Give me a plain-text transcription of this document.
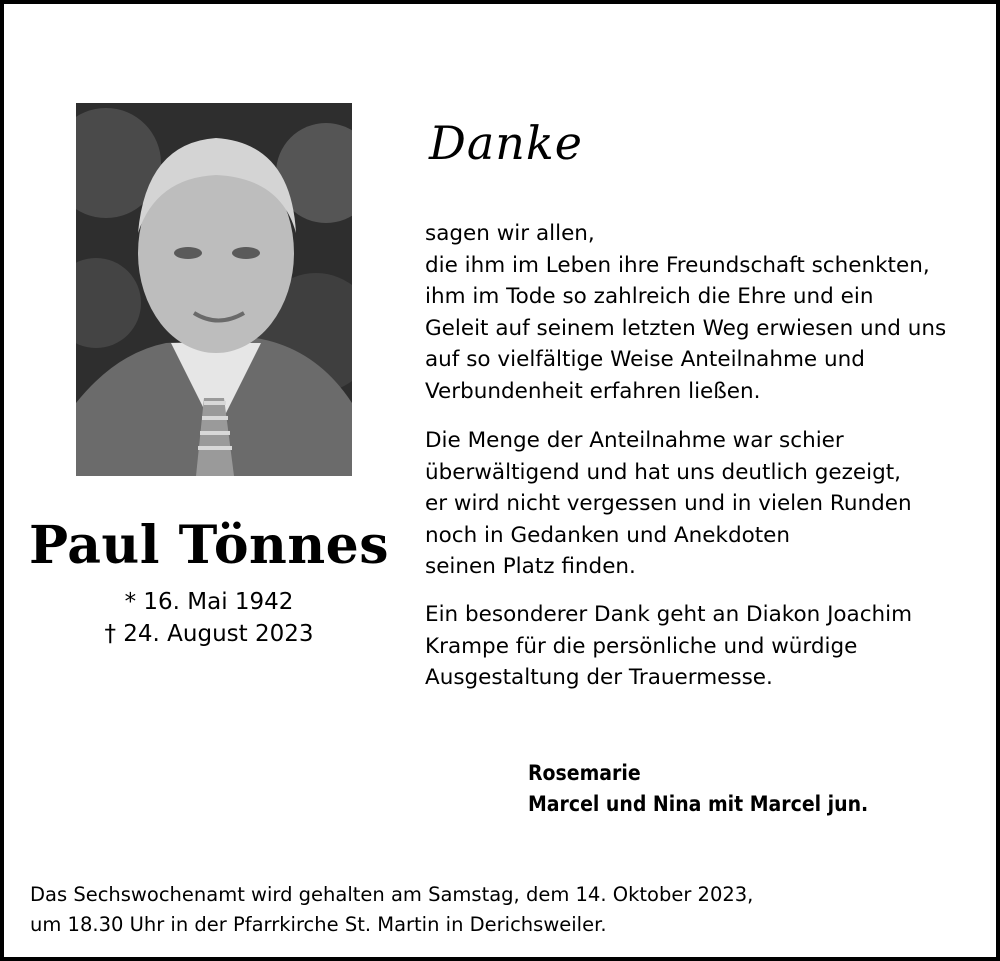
Paul Tönnes
* 16. Mai 1942
† 24. August 2023
Danke

sagen wir allen,
die ihm im Leben ihre Freundschaft schenkten,
ihm im Tode so zahlreich die Ehre und ein
Geleit auf seinem letzten Weg erwiesen und uns
auf so vielfältige Weise Anteilnahme und
Verbundenheit erfahren ließen.

Die Menge der Anteilnahme war schier
überwältigend und hat uns deutlich gezeigt,
er wird nicht vergessen und in vielen Runden
noch in Gedanken und Anekdoten
seinen Platz finden.

Ein besonderer Dank geht an Diakon Joachim
Krampe für die persönliche und würdige
Ausgestaltung der Trauermesse.

Rosemarie
Marcel und Nina mit Marcel jun.

Das Sechswochenamt wird gehalten am Samstag, dem 14. Oktober 2023,
um 18.30 Uhr in der Pfarrkirche St. Martin in Derichsweiler.
